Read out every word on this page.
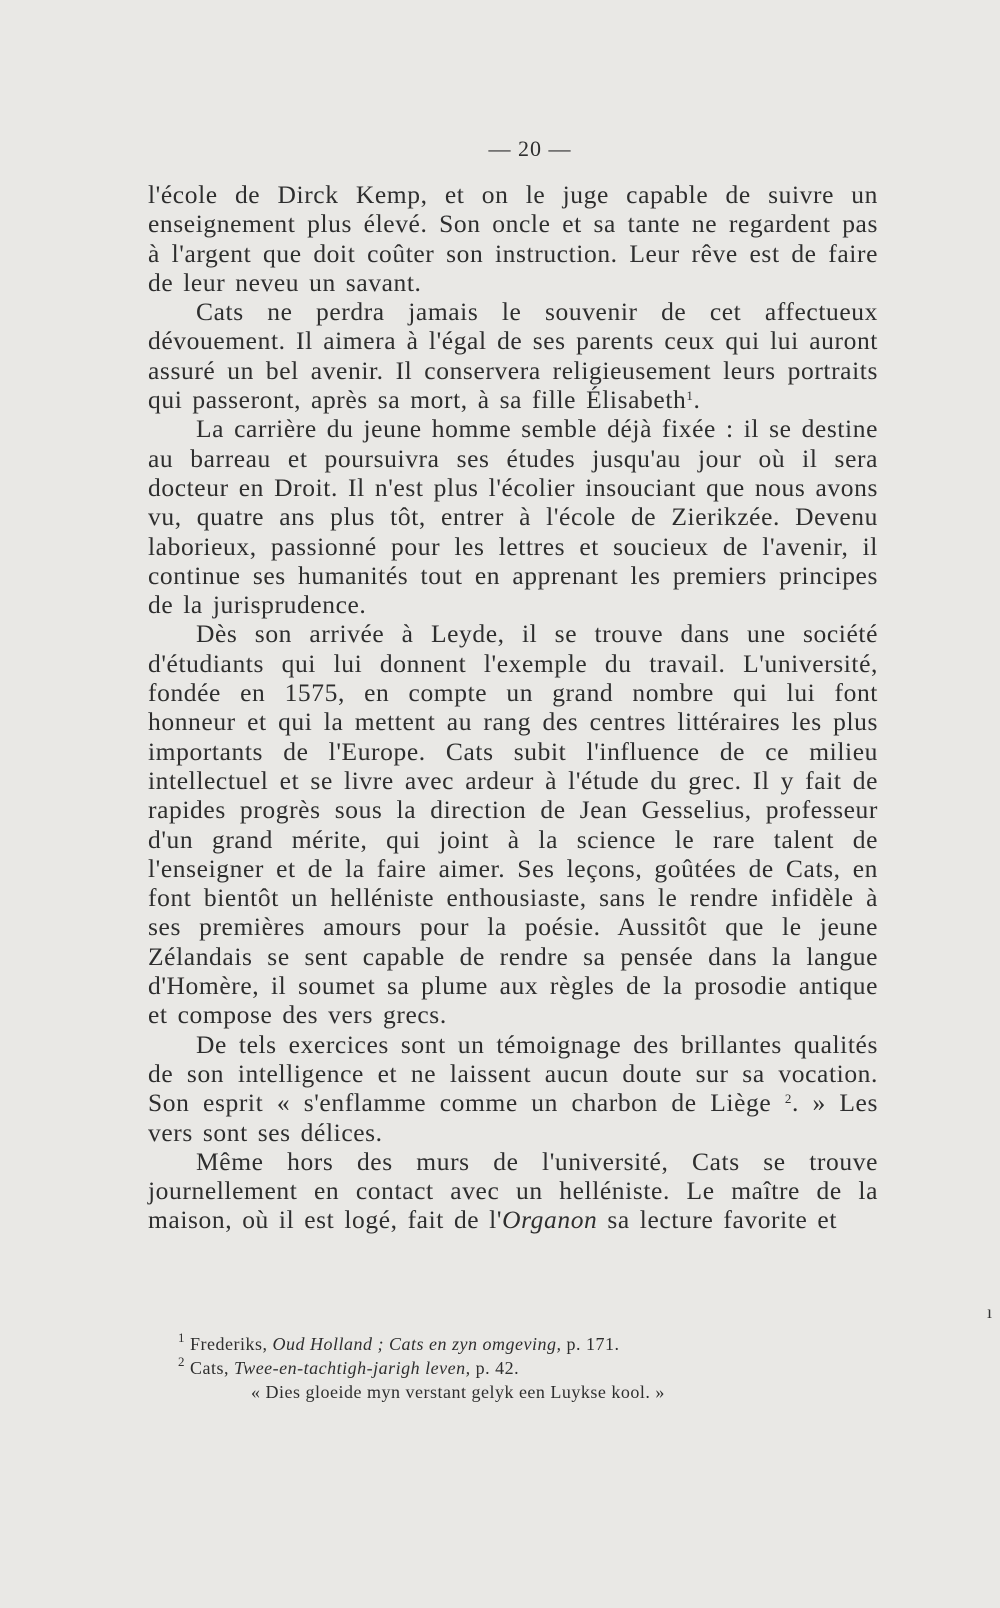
— 20 —

l'école de Dirck Kemp, et on le juge capable de suivre un enseignement plus élevé. Son oncle et sa tante ne regardent pas à l'argent que doit coûter son instruction. Leur rêve est de faire de leur neveu un savant.

Cats ne perdra jamais le souvenir de cet affectueux dévouement. Il aimera à l'égal de ses parents ceux qui lui auront assuré un bel avenir. Il conservera religieusement leurs portraits qui passeront, après sa mort, à sa fille Élisabeth$^1$.

La carrière du jeune homme semble déjà fixée : il se destine au barreau et poursuivra ses études jusqu'au jour où il sera docteur en Droit. Il n'est plus l'écolier insouciant que nous avons vu, quatre ans plus tôt, entrer à l'école de Zierikzée. Devenu laborieux, passionné pour les lettres et soucieux de l'avenir, il continue ses humanités tout en apprenant les premiers principes de la jurisprudence.

Dès son arrivée à Leyde, il se trouve dans une société d'étudiants qui lui donnent l'exemple du travail. L'université, fondée en 1575, en compte un grand nombre qui lui font honneur et qui la mettent au rang des centres littéraires les plus importants de l'Europe. Cats subit l'influence de ce milieu intellectuel et se livre avec ardeur à l'étude du grec. Il y fait de rapides progrès sous la direction de Jean Gesselius, professeur d'un grand mérite, qui joint à la science le rare talent de l'enseigner et de la faire aimer. Ses leçons, goûtées de Cats, en font bientôt un helléniste enthousiaste, sans le rendre infidèle à ses premières amours pour la poésie. Aussitôt que le jeune Zélandais se sent capable de rendre sa pensée dans la langue d'Homère, il soumet sa plume aux règles de la prosodie antique et compose des vers grecs.

De tels exercices sont un témoignage des brillantes qualités de son intelligence et ne laissent aucun doute sur sa vocation. Son esprit « s'enflamme comme un charbon de Liège $^2$. » Les vers sont ses délices.

Même hors des murs de l'université, Cats se trouve journellement en contact avec un helléniste. Le maître de la maison, où il est logé, fait de l'Organon sa lecture favorite et

$^1$ Frederiks, Oud Holland ; Cats en zyn omgeving, p. 171.

$^2$ Cats, Twee-en-tachtigh-jarigh leven, p. 42.

« Dies gloeide myn verstant gelyk een Luykse kool. »

ı
